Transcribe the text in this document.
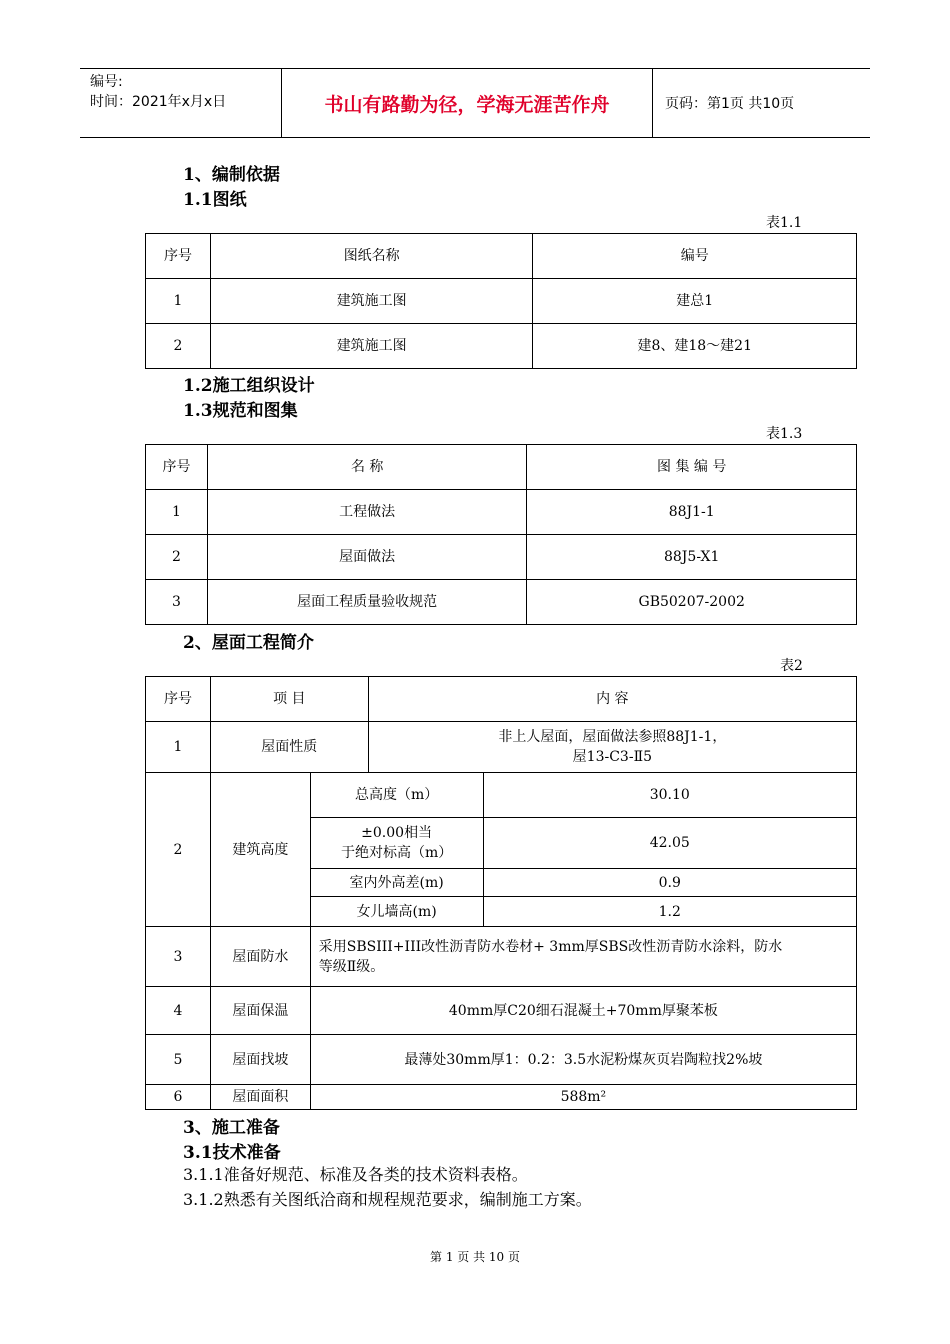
编号:
时间：2021年x月x日	书山有路勤为径，学海无涯苦作舟	页码：第1页 共10页
1、编制依据
1.1图纸
表1.1
序号	图纸名称	编号
1	建筑施工图	建总1
2	建筑施工图	建8、建18～建21
1.2施工组织设计
1.3规范和图集
表1.3
序号	名 称	图 集 编 号
1	工程做法	88J1-1
2	屋面做法	88J5-X1
3	屋面工程质量验收规范	GB50207-2002
2、屋面工程简介
表2
序号	项 目		内 容	
1	屋面性质		非上人屋面，屋面做法参照88J1-1，
屋13-C3-Ⅱ5	

2	建筑高度	总高度（m）		30.10

		±0.00相当
于绝对标高（m）		42.05
		室内外高差(m)		0.9
		女儿墙高(m)		1.2
3	屋面防水	采用SBSIII+III改性沥青防水卷材+ 3mm厚SBS改性沥青防水涂料，防水
等级Ⅱ级。		

4	屋面保温	40mm厚C20细石混凝土+70mm厚聚苯板		
5	屋面找坡	最薄处30mm厚1：0.2：3.5水泥粉煤灰页岩陶粒找2%坡		
6	屋面面积	588m²		
3、施工准备
3.1技术准备
3.1.1准备好规范、标准及各类的技术资料表格。
3.1.2熟悉有关图纸洽商和规程规范要求，编制施工方案。
第 1 页 共 10 页
